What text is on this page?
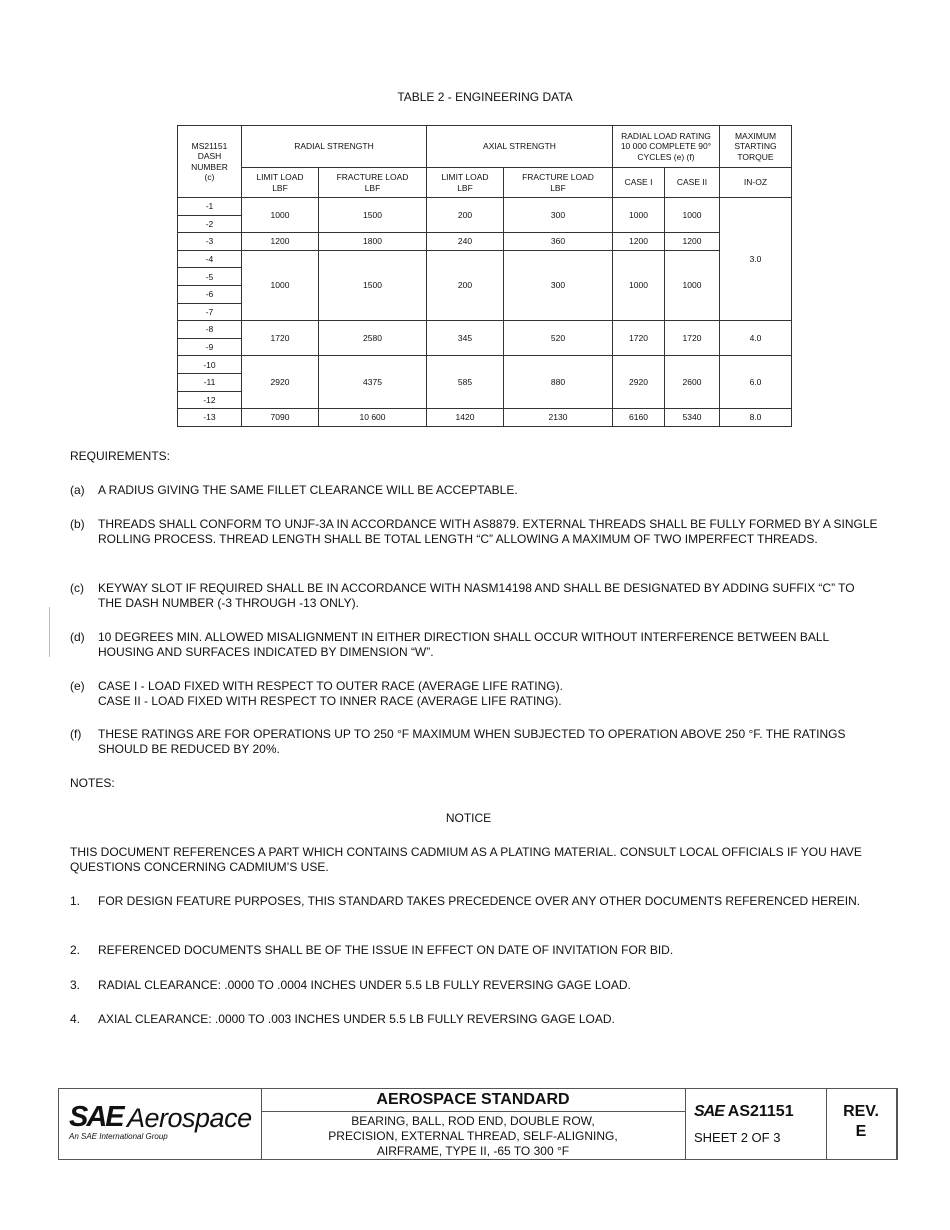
TABLE 2 - ENGINEERING DATA
MS21151 DASH NUMBER (c)	RADIAL STRENGTH		AXIAL STRENGTH		RADIAL LOAD RATING 10 000 COMPLETE 90° CYCLES (e) (f)		MAXIMUM STARTING TORQUE
	LIMIT LOAD LBF	FRACTURE LOAD LBF	LIMIT LOAD LBF	FRACTURE LOAD LBF	CASE I	CASE II	IN-OZ
-1	1000	1500	200	300	1000	1000	3.0
-2							
-3	1200	1800	240	360	1200	1200	
-4	1000	1500	200	300	1000	1000	
-5							
-6							
-7							
-8	1720	2580	345	520	1720	1720	4.0
-9							
-10	2920	4375	585	880	2920	2600	6.0
-11							
-12							
-13	7090	10 600	1420	2130	6160	5340	8.0
REQUIREMENTS:
(a) A RADIUS GIVING THE SAME FILLET CLEARANCE WILL BE ACCEPTABLE.
(b) THREADS SHALL CONFORM TO UNJF-3A IN ACCORDANCE WITH AS8879. EXTERNAL THREADS SHALL BE FULLY FORMED BY A SINGLE ROLLING PROCESS. THREAD LENGTH SHALL BE TOTAL LENGTH “C” ALLOWING A MAXIMUM OF TWO IMPERFECT THREADS.
(c) KEYWAY SLOT IF REQUIRED SHALL BE IN ACCORDANCE WITH NASM14198 AND SHALL BE DESIGNATED BY ADDING SUFFIX “C” TO THE DASH NUMBER (-3 THROUGH -13 ONLY).
(d) 10 DEGREES MIN. ALLOWED MISALIGNMENT IN EITHER DIRECTION SHALL OCCUR WITHOUT INTERFERENCE BETWEEN BALL HOUSING AND SURFACES INDICATED BY DIMENSION “W”.
(e) CASE I - LOAD FIXED WITH RESPECT TO OUTER RACE (AVERAGE LIFE RATING).
CASE II - LOAD FIXED WITH RESPECT TO INNER RACE (AVERAGE LIFE RATING).
(f) THESE RATINGS ARE FOR OPERATIONS UP TO 250 °F MAXIMUM WHEN SUBJECTED TO OPERATION ABOVE 250 °F. THE RATINGS SHOULD BE REDUCED BY 20%.
NOTES:
NOTICE
THIS DOCUMENT REFERENCES A PART WHICH CONTAINS CADMIUM AS A PLATING MATERIAL. CONSULT LOCAL OFFICIALS IF YOU HAVE QUESTIONS CONCERNING CADMIUM’S USE.
1. FOR DESIGN FEATURE PURPOSES, THIS STANDARD TAKES PRECEDENCE OVER ANY OTHER DOCUMENTS REFERENCED HEREIN.
2. REFERENCED DOCUMENTS SHALL BE OF THE ISSUE IN EFFECT ON DATE OF INVITATION FOR BID.
3. RADIAL CLEARANCE: .0000 TO .0004 INCHES UNDER 5.5 LB FULLY REVERSING GAGE LOAD.
4. AXIAL CLEARANCE: .0000 TO .003 INCHES UNDER 5.5 LB FULLY REVERSING GAGE LOAD.
SAE Aerospace
An SAE International Group
AEROSPACE STANDARD
BEARING, BALL, ROD END, DOUBLE ROW,
PRECISION, EXTERNAL THREAD, SELF-ALIGNING,
AIRFRAME, TYPE II, -65 TO 300 °F
SAE AS21151
SHEET 2 OF 3
REV.
E
